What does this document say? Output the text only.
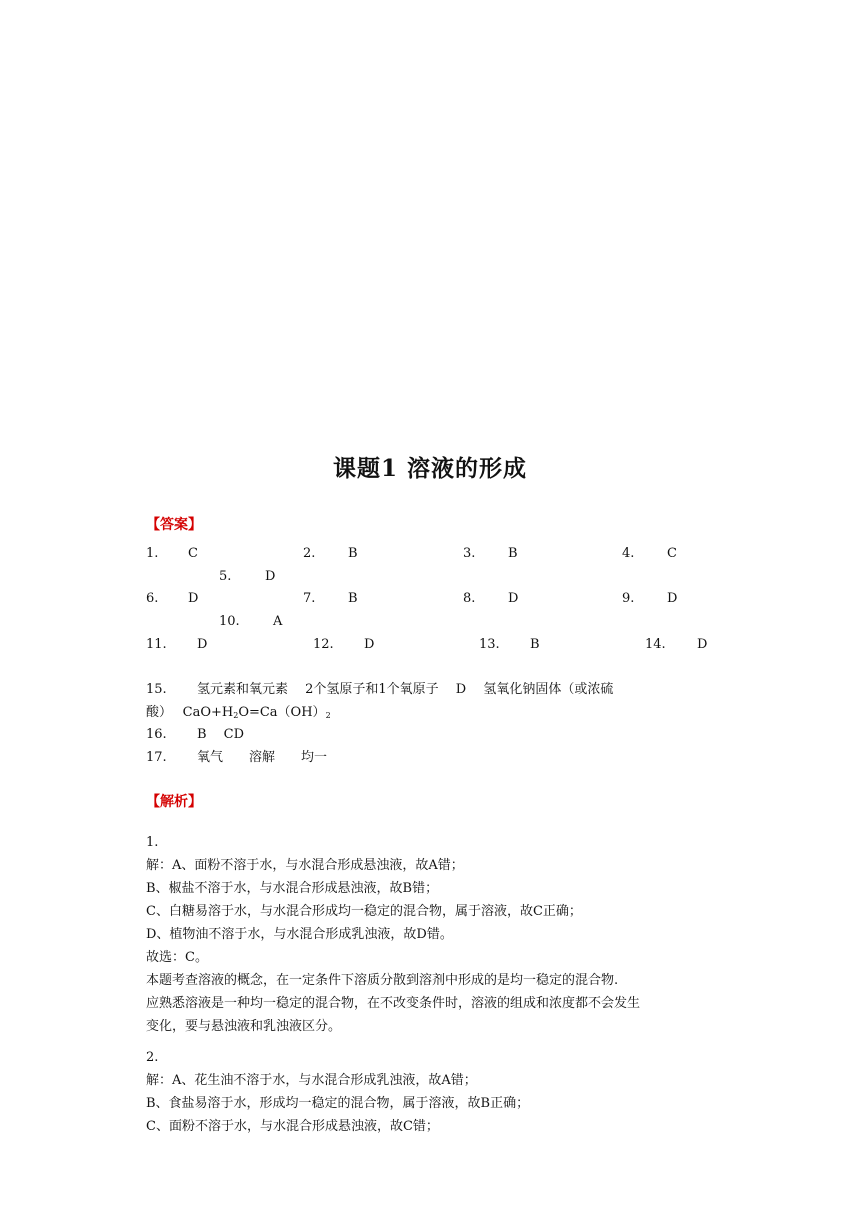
课题1 溶液的形成
【答案】
1. C	2.	B	3.	B	4.	C
5.	D
6. D	7.	B	8.	D	9.	D
10.	A
11. D	12. D	13. B	14. D
15. 氢元素和氧元素　 2个氢原子和1个氧原子　 D　 氢氧化钠固体（或浓硫
酸）　 $CaO+H_2O=Ca(OH)_2$
16. B　 CD
17. 氧气　　溶解　　均一
【解析】
1.
解：A、面粉不溶于水，与水混合形成悬浊液，故A错；
B、椒盐不溶于水，与水混合形成悬浊液，故B错；
C、白糖易溶于水，与水混合形成均一稳定的混合物，属于溶液，故C正确；
D、植物油不溶于水，与水混合形成乳浊液，故D错。
故选：C。
本题考查溶液的概念，在一定条件下溶质分散到溶剂中形成的是均一稳定的混合物.
应熟悉溶液是一种均一稳定的混合物，在不改变条件时，溶液的组成和浓度都不会发生
变化，要与悬浊液和乳浊液区分。
2.
解：A、花生油不溶于水，与水混合形成乳浊液，故A错；
B、食盐易溶于水，形成均一稳定的混合物，属于溶液，故B正确；
C、面粉不溶于水，与水混合形成悬浊液，故C错；
